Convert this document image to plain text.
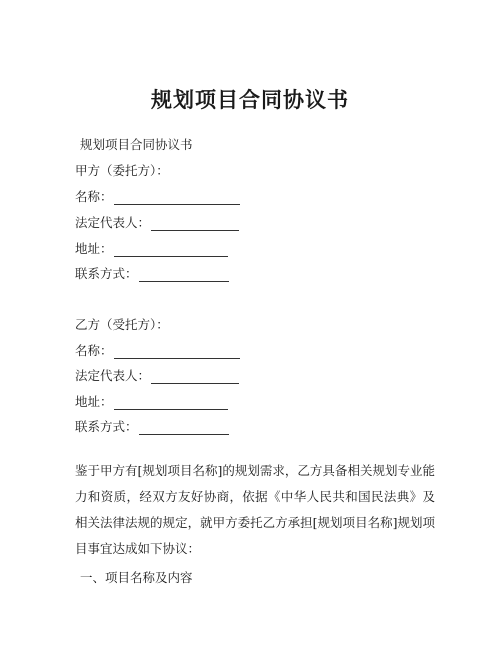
规划项目合同协议书
规划项目合同协议书
甲方（委托方）：
名称：
法定代表人：
地址：
联系方式：
乙方（受托方）：
名称：
法定代表人：
地址：
联系方式：
鉴于甲方有[规划项目名称]的规划需求，乙方具备相关规划专业能力和资质，经双方友好协商，依据《中华人民共和国民法典》及相关法律法规的规定，就甲方委托乙方承担[规划项目名称]规划项目事宜达成如下协议：
一、项目名称及内容
